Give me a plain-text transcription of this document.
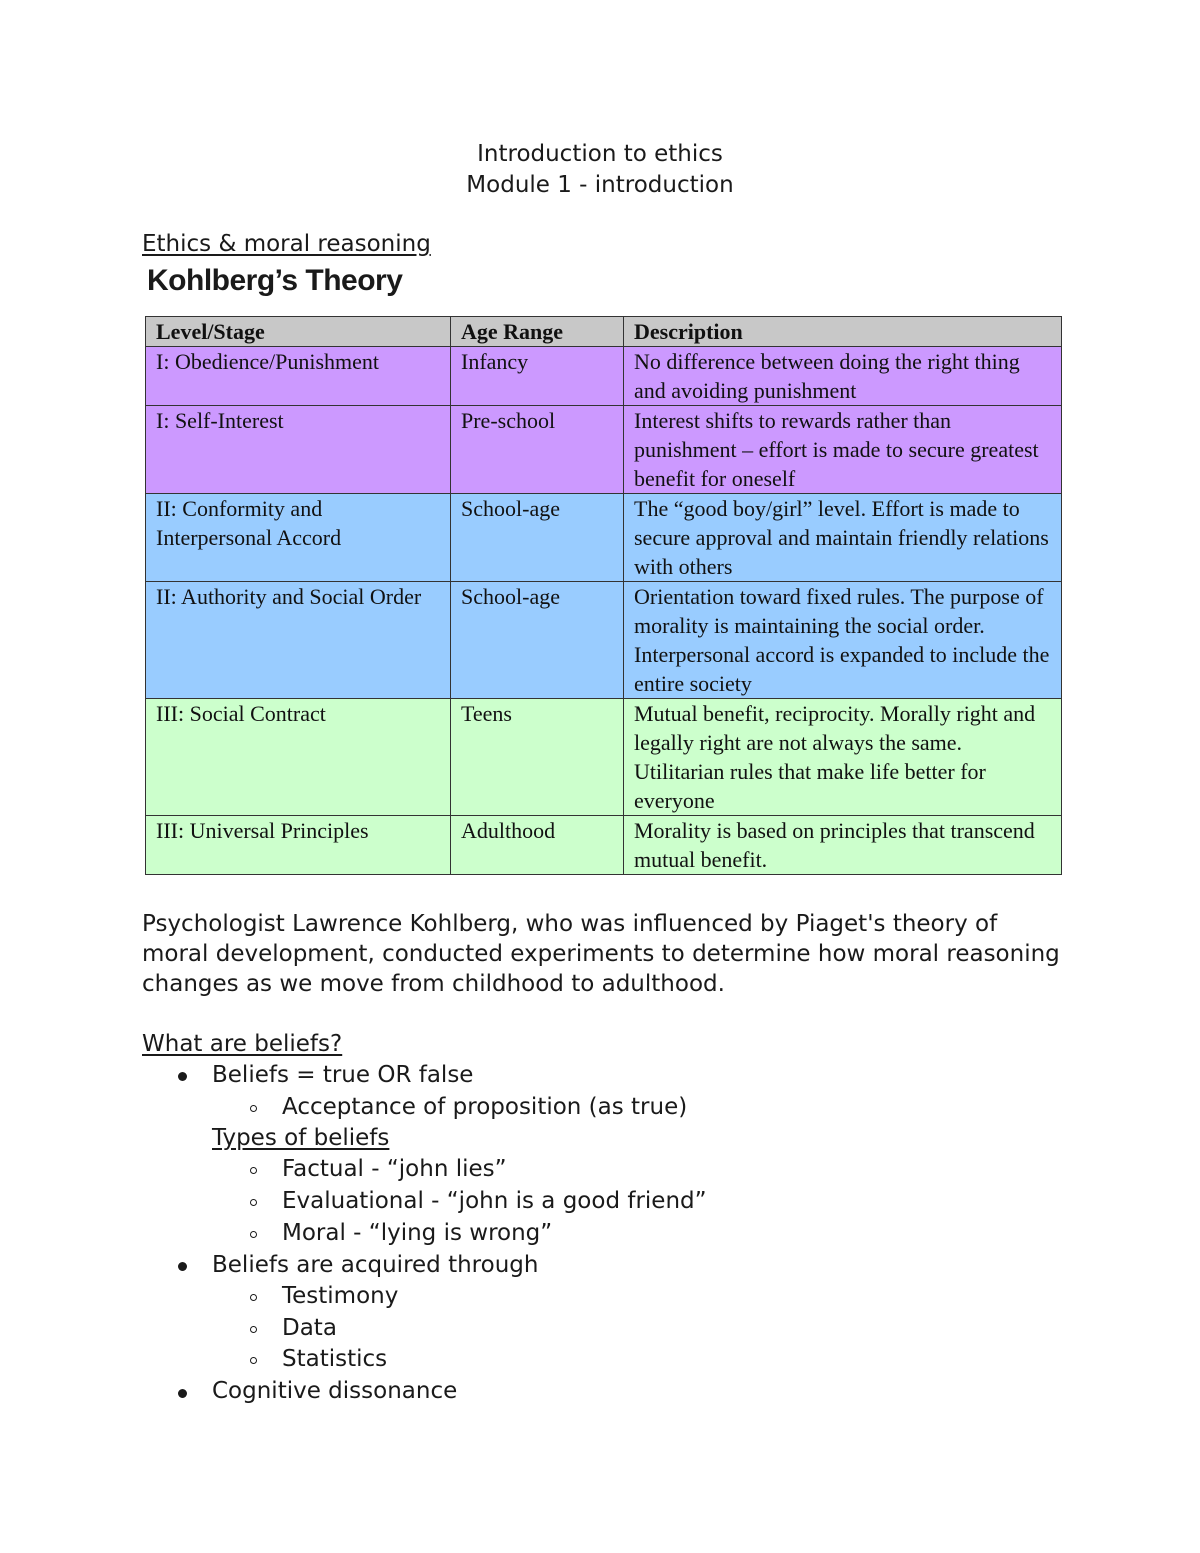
Introduction to ethics
Module 1 - introduction
Ethics & moral reasoning
Kohlberg’s Theory
Level/Stage	Age Range	Description
I: Obedience/Punishment	Infancy	No difference between doing the right thing and avoiding punishment
I: Self-Interest	Pre-school	Interest shifts to rewards rather than punishment – effort is made to secure greatest benefit for oneself
II: Conformity and Interpersonal Accord	School-age	The “good boy/girl” level. Effort is made to secure approval and maintain friendly relations with others
II: Authority and Social Order	School-age	Orientation toward fixed rules. The purpose of morality is maintaining the social order. Interpersonal accord is expanded to include the entire society
III: Social Contract	Teens	Mutual benefit, reciprocity. Morally right and legally right are not always the same. Utilitarian rules that make life better for everyone
III: Universal Principles	Adulthood	Morality is based on principles that transcend mutual benefit.
Psychologist Lawrence Kohlberg, who was influenced by Piaget's theory of moral development, conducted experiments to determine how moral reasoning changes as we move from childhood to adulthood.
What are beliefs?
Beliefs = true OR false
Acceptance of proposition (as true)
Types of beliefs
Factual - “john lies”
Evaluational - “john is a good friend”
Moral - “lying is wrong”
Beliefs are acquired through
Testimony
Data
Statistics
Cognitive dissonance
